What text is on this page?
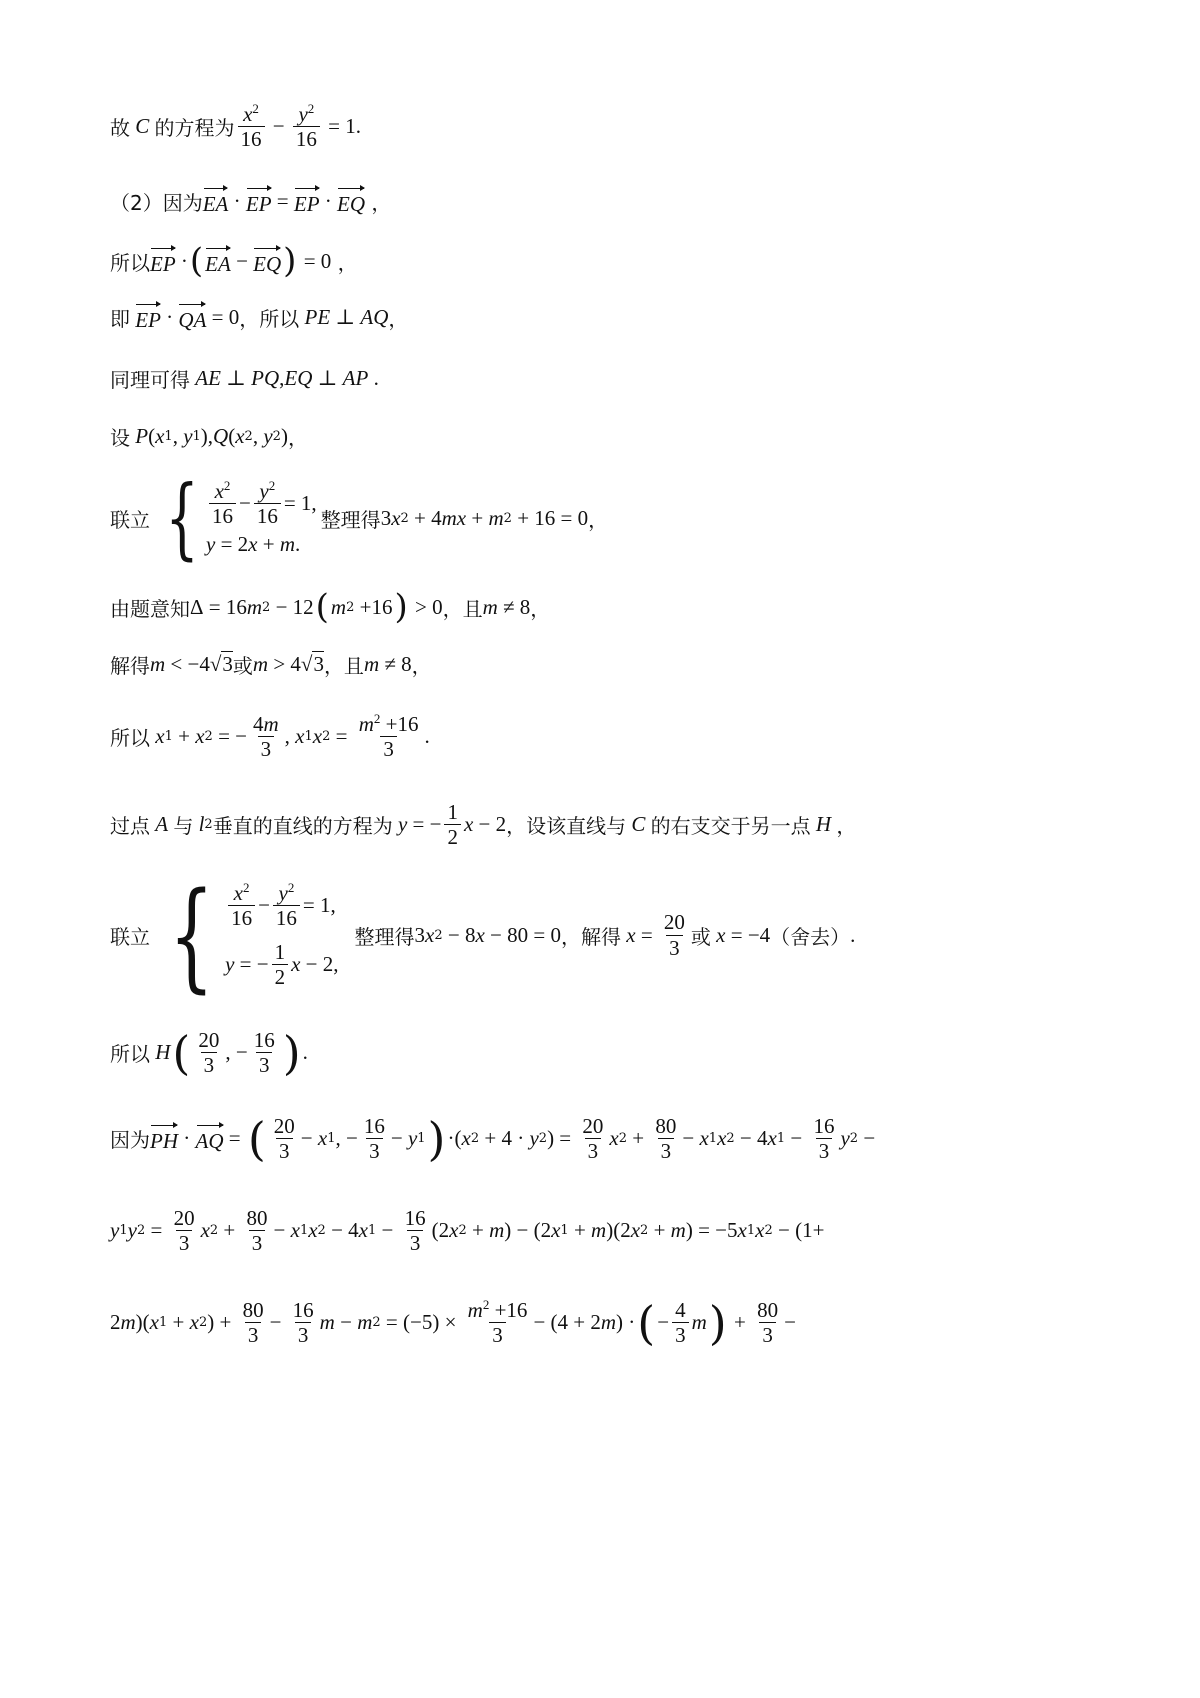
故 C 的方程为 $\frac{x^2}{16} - \frac{y^2}{16} = 1$ .
（2）因为 EA · EP = EP · EQ ，
所以 EP · ( EA − EQ ) = 0 ，
即
EP · QA = 0 ，所以 PE ⊥ AQ ，
同理可得 AE ⊥ PQ , EQ ⊥ AP .
设 P ( x 1 , y 1 ), Q ( x 2 , y 2 ) ，
联立 { $\frac{x^2}{16} - \frac{y^2}{16} = 1$,
y = 2 x + m .
整理得 3 x 2 + 4 mx + m 2 + 16 = 0 ，
由题意知 Δ = 16 m 2 − 12 ( m 2 +16 ) > 0 ，且 m ≠ 8 ，
解得 m < −4√3 或 m > 4√3 ，且 m ≠ 8 ，
所以 x 1 + x 2 = − $\frac{4m}{3}$ , x 1 x $2 = \frac{m^2 +16}{3}$ .
过点 A 与 l 2 垂直的直线的方程为 y = − $\frac{1}{2}$ x − 2 ，设该直线与 C 的右支交于另一点 H ，
联立 { $\frac{x^2}{16} - \frac{y^2}{16} = 1$,
y = − $\frac{1}{2}$ x − 2,
整理得 3 x 2 − 8 x − 80 = 0 ，解得 $x = \frac{20}{3}$ 或 x = −4 （舍去） .
所以 H ( $\frac{20}{3}$ , − $\frac{16}{3}$ ) .
因为 PH · AQ = ( $\frac{20}{3} - x$ 1 , − $\frac{16}{3} - y$ 1 ) ·( x 2 + 4 · y 2 ) = $\frac{20}{3}$ x $2 + \frac{80}{3} - x$ 1 x 2 − 4 x $1 - \frac{16}{3}$ y 2 −
y 1 y $2 = \frac{20}{3}$ x $2 + \frac{80}{3} - x$ 1 x 2 − 4 x $1 - \frac{16}{3} (2$ x 2 + m ) − (2 x 1 + m )(2 x 2 + m ) = −5 x 1 x 2 − (1+
2 m )( x 1 + x 2 ) + $\frac{80}{3} - \frac{16}{3}$ m − m $2 = (-5) \times \frac{m^2 +16}{3} - (4 + 2$ m ) · ( − $\frac{4}{3}$ m ) + $\frac{80}{3}$ −
